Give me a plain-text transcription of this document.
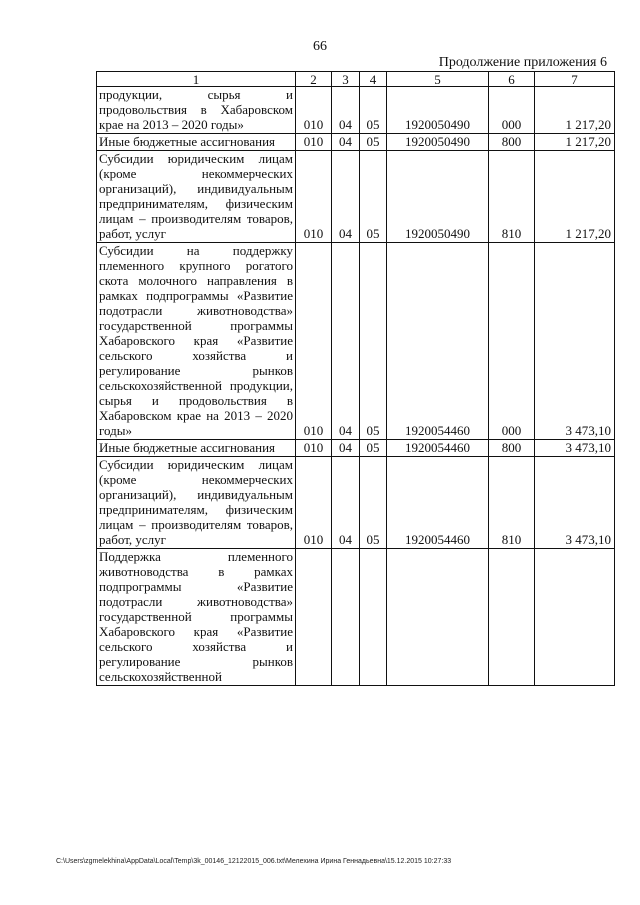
66
Продолжение приложения 6
1	2	3	4	5	6	7
продукции, сырья и продовольствия в Хабаровском крае на 2013 – 2020 годы»	010	04	05	1920050490	000	1 217,20
Иные бюджетные ассигнования	010	04	05	1920050490	800	1 217,20
Субсидии юридическим лицам (кроме некоммерческих организаций), индивидуальным предпринимателям, физическим лицам – производителям товаров, работ, услуг	010	04	05	1920050490	810	1 217,20
Субсидии на поддержку племенного крупного рогатого скота молочного направления в рамках подпрограммы «Развитие подотрасли животноводства» государственной программы Хабаровского края «Развитие сельского хозяйства и регулирование рынков сельскохозяйственной продукции, сырья и продовольствия в Хабаровском крае на 2013 – 2020 годы»	010	04	05	1920054460	000	3 473,10
Иные бюджетные ассигнования	010	04	05	1920054460	800	3 473,10
Субсидии юридическим лицам (кроме некоммерческих организаций), индивидуальным предпринимателям, физическим лицам – производителям товаров, работ, услуг	010	04	05	1920054460	810	3 473,10
Поддержка племенного животноводства в рамках подпрограммы «Развитие подотрасли животноводства» государственной программы Хабаровского края «Развитие сельского хозяйства и регулирование рынков сельскохозяйственной						
C:\Users\zgmelekhina\AppData\Local\Temp\3k_00146_12122015_006.txt\Мелехина Ирина Геннадьевна\15.12.2015 10:27:33
